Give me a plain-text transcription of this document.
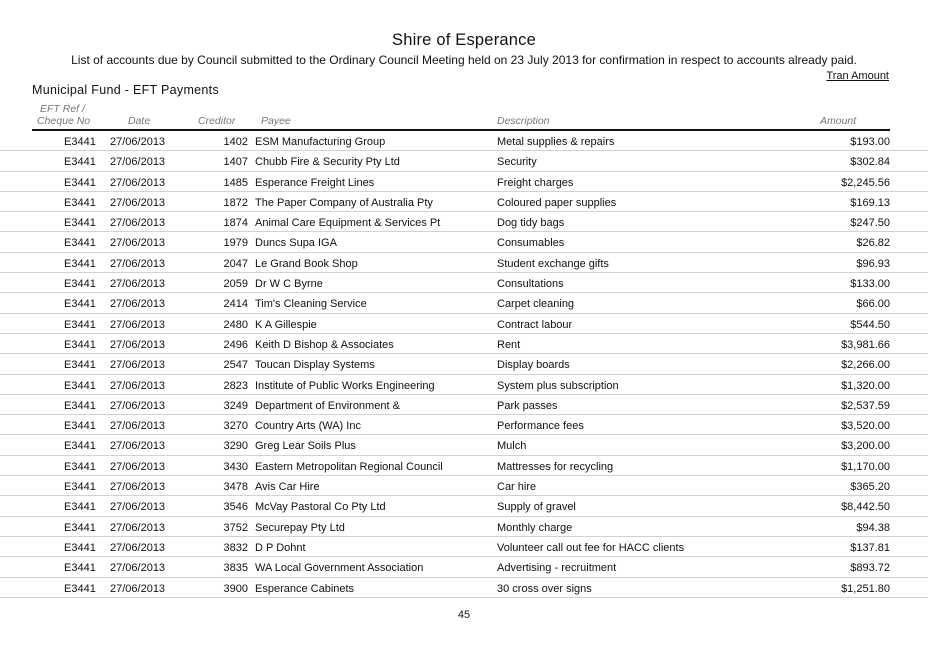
Shire of Esperance
List of accounts due by Council submitted to the Ordinary Council Meeting held on 23 July 2013 for confirmation in respect to accounts already paid.
Tran Amount
Municipal Fund - EFT Payments
EFT Ref /
Cheque No	Date	Creditor Payee	Description	Amount
E3441 27/06/2013	1402 ESM Manufacturing Group	Metal supplies & repairs	$193.00
E3441 27/06/2013	1407 Chubb Fire & Security Pty Ltd	Security	$302.84
E3441 27/06/2013	1485 Esperance Freight Lines	Freight charges	$2,245.56
E3441 27/06/2013	1872 The Paper Company of Australia Pty	Coloured paper supplies	$169.13
E3441 27/06/2013	1874 Animal Care Equipment & Services Pt	Dog tidy bags	$247.50
E3441 27/06/2013	1979 Duncs Supa IGA	Consumables	$26.82
E3441 27/06/2013	2047 Le Grand Book Shop	Student exchange gifts	$96.93
E3441 27/06/2013	2059 Dr W C Byrne	Consultations	$133.00
E3441 27/06/2013	2414 Tim's Cleaning Service	Carpet cleaning	$66.00
E3441 27/06/2013	2480 K A Gillespie	Contract labour	$544.50
E3441 27/06/2013	2496 Keith D Bishop & Associates	Rent	$3,981.66
E3441 27/06/2013	2547 Toucan Display Systems	Display boards	$2,266.00
E3441 27/06/2013	2823 Institute of Public Works Engineering	System plus subscription	$1,320.00
E3441 27/06/2013	3249 Department of Environment &	Park passes	$2,537.59
E3441 27/06/2013	3270 Country Arts (WA) Inc	Performance fees	$3,520.00
E3441 27/06/2013	3290 Greg Lear Soils Plus	Mulch	$3,200.00
E3441 27/06/2013	3430 Eastern Metropolitan Regional Council	Mattresses for recycling	$1,170.00
E3441 27/06/2013	3478 Avis Car Hire	Car hire	$365.20
E3441 27/06/2013	3546 McVay Pastoral Co Pty Ltd	Supply of gravel	$8,442.50
E3441 27/06/2013	3752 Securepay Pty Ltd	Monthly charge	$94.38
E3441 27/06/2013	3832 D P Dohnt	Volunteer call out fee for HACC clients	$137.81
E3441 27/06/2013	3835 WA Local Government Association	Advertising - recruitment	$893.72
E3441 27/06/2013	3900 Esperance Cabinets	30 cross over signs	$1,251.80
45
